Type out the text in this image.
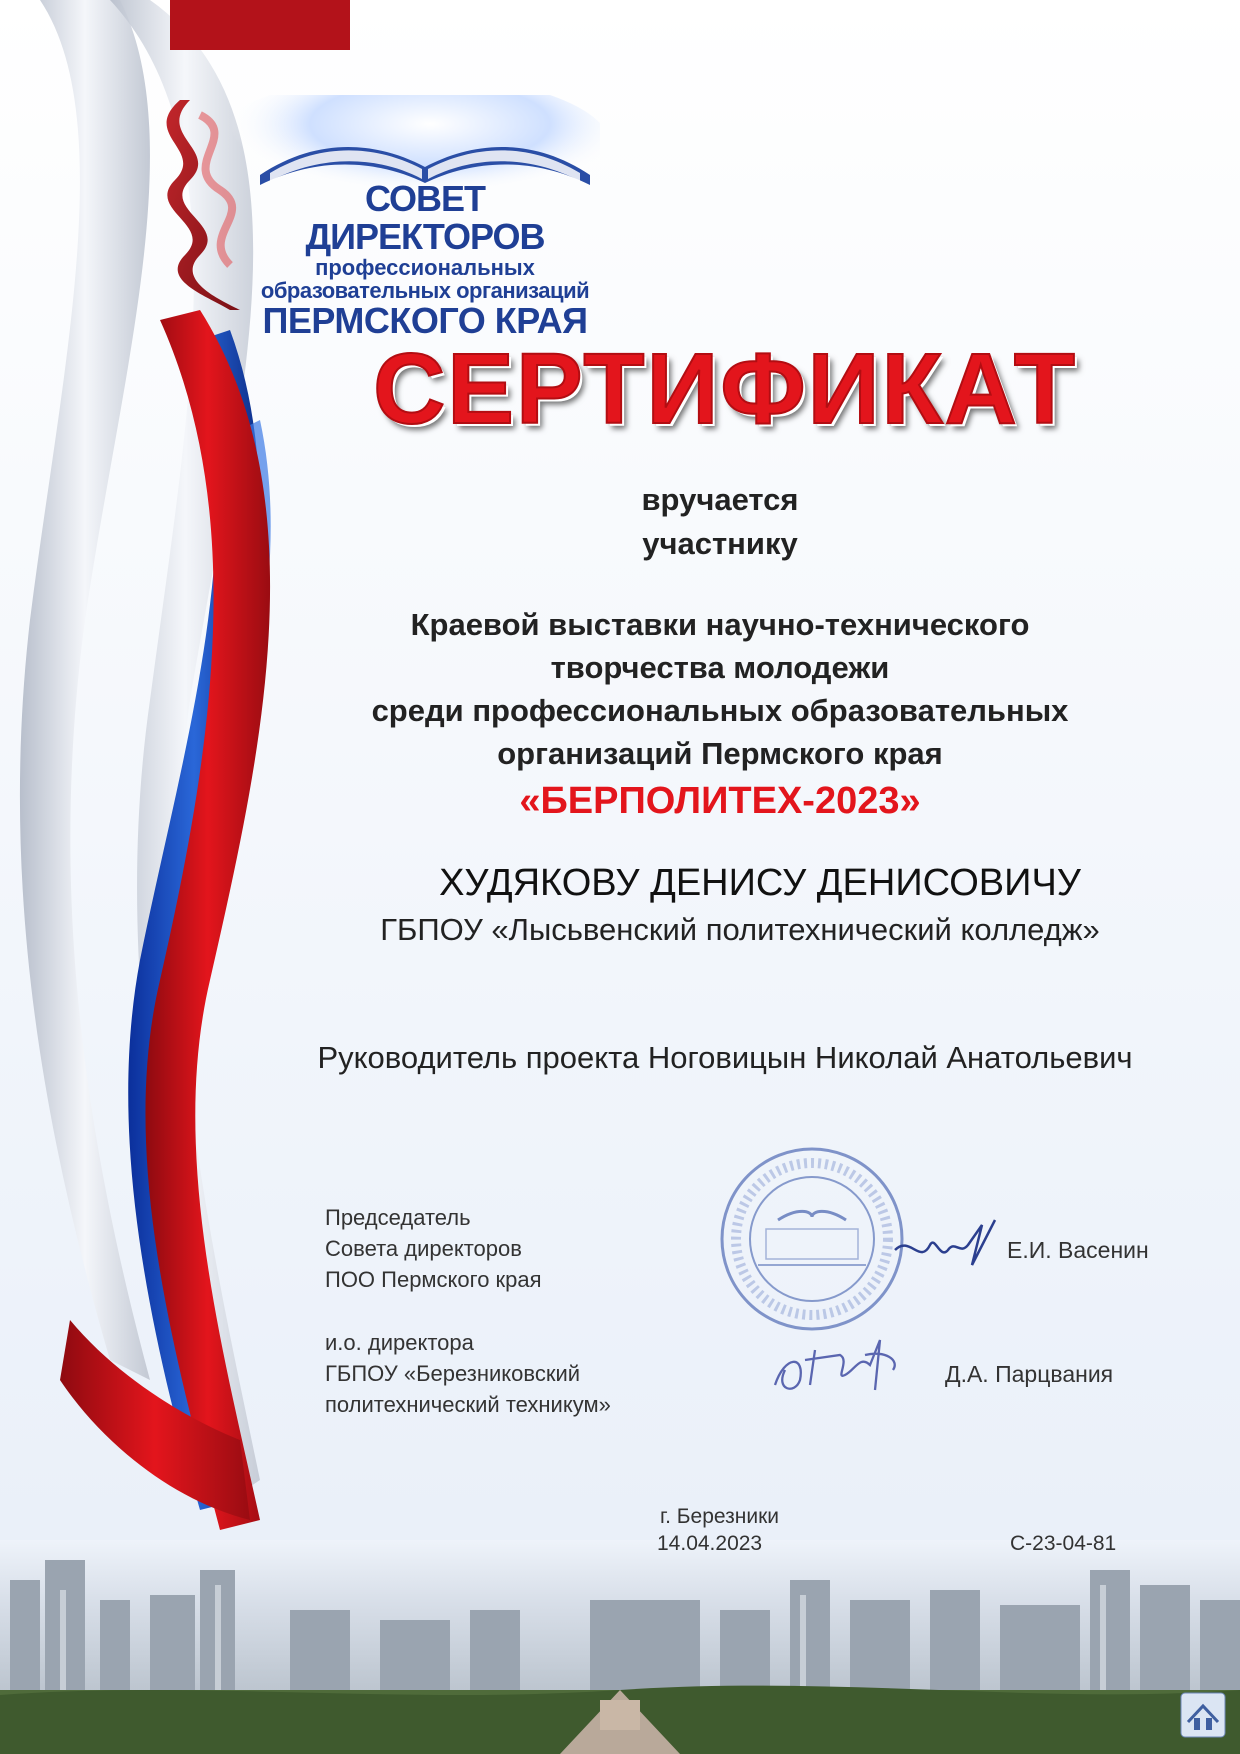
СОВЕТ ДИРЕКТОРОВ
профессиональных
образовательных организаций
ПЕРМСКОГО КРАЯ
СЕРТИФИКАТ
вручается
участнику
Краевой выставки научно-технического
творчества молодежи
среди профессиональных образовательных
организаций Пермского края
«БЕРПОЛИТЕХ-2023»
ХУДЯКОВУ ДЕНИСУ ДЕНИСОВИЧУ
ГБПОУ «Лысьвенский политехнический колледж»
Руководитель проекта Ноговицын Николай Анатольевич
Председатель
Совета директоров
ПОО Пермского края
Е.И. Васенин
и.о. директора
ГБПОУ «Березниковский
политехнический техникум»
Д.А. Парцвания
г. Березники
14.04.2023	С-23-04-81
